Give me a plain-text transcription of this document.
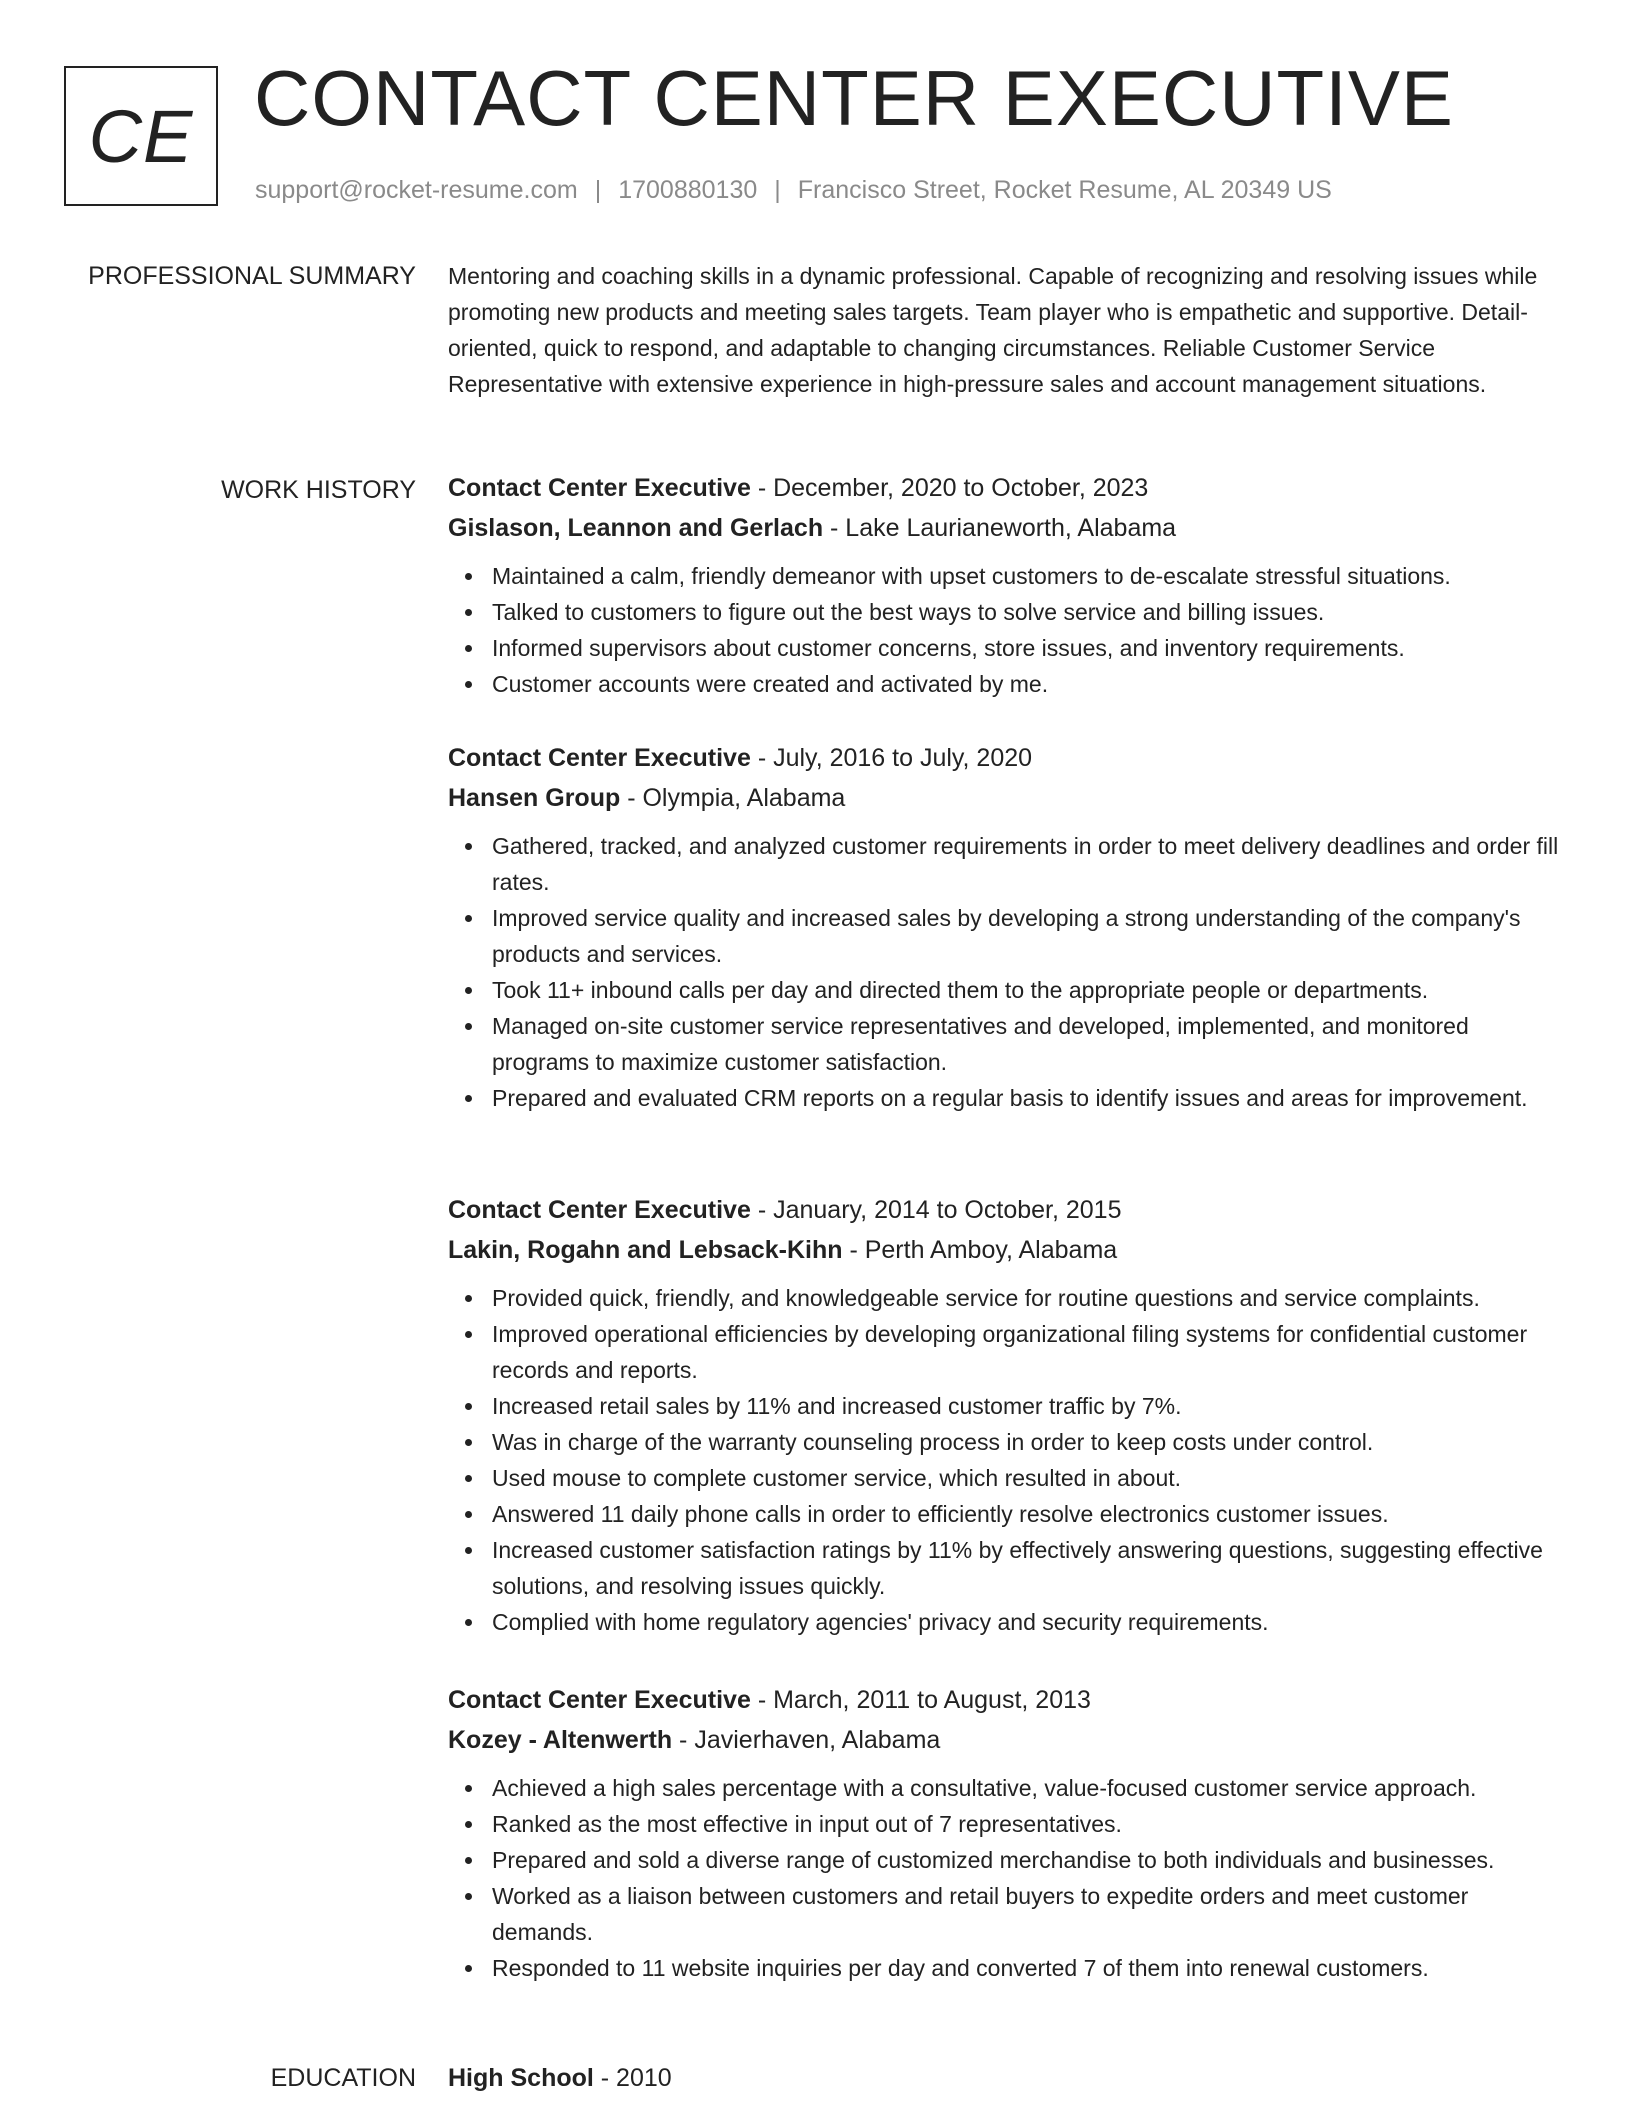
CE CONTACT CENTER EXECUTIVE
support@rocket-resume.com | 1700880130 | Francisco Street, Rocket Resume, AL 20349 US
PROFESSIONAL SUMMARY Mentoring and coaching skills in a dynamic professional. Capable of recognizing and resolving issues while promoting new products and meeting sales targets. Team player who is empathetic and supportive. Detail-oriented, quick to respond, and adaptable to changing circumstances. Reliable Customer Service Representative with extensive experience in high-pressure sales and account management situations.

WORK HISTORY Contact Center Executive - December, 2020 to October, 2023
Gislason, Leannon and Gerlach - Lake Laurianeworth, Alabama
Maintained a calm, friendly demeanor with upset customers to de-escalate stressful situations.
Talked to customers to figure out the best ways to solve service and billing issues.
Informed supervisors about customer concerns, store issues, and inventory requirements.
Customer accounts were created and activated by me.
Contact Center Executive - July, 2016 to July, 2020
Hansen Group - Olympia, Alabama
Gathered, tracked, and analyzed customer requirements in order to meet delivery deadlines and order fill rates.
Improved service quality and increased sales by developing a strong understanding of the company's products and services.
Took 11+ inbound calls per day and directed them to the appropriate people or departments.
Managed on-site customer service representatives and developed, implemented, and monitored programs to maximize customer satisfaction.
Prepared and evaluated CRM reports on a regular basis to identify issues and areas for improvement.
Contact Center Executive - January, 2014 to October, 2015
Lakin, Rogahn and Lebsack-Kihn - Perth Amboy, Alabama
Provided quick, friendly, and knowledgeable service for routine questions and service complaints.
Improved operational efficiencies by developing organizational filing systems for confidential customer records and reports.
Increased retail sales by 11% and increased customer traffic by 7%.
Was in charge of the warranty counseling process in order to keep costs under control.
Used mouse to complete customer service, which resulted in about.
Answered 11 daily phone calls in order to efficiently resolve electronics customer issues.
Increased customer satisfaction ratings by 11% by effectively answering questions, suggesting effective solutions, and resolving issues quickly.
Complied with home regulatory agencies' privacy and security requirements.
Contact Center Executive - March, 2011 to August, 2013
Kozey - Altenwerth - Javierhaven, Alabama
Achieved a high sales percentage with a consultative, value-focused customer service approach.
Ranked as the most effective in input out of 7 representatives.
Prepared and sold a diverse range of customized merchandise to both individuals and businesses.
Worked as a liaison between customers and retail buyers to expedite orders and meet customer demands.
Responded to 11 website inquiries per day and converted 7 of them into renewal customers.
EDUCATION High School - 2010
